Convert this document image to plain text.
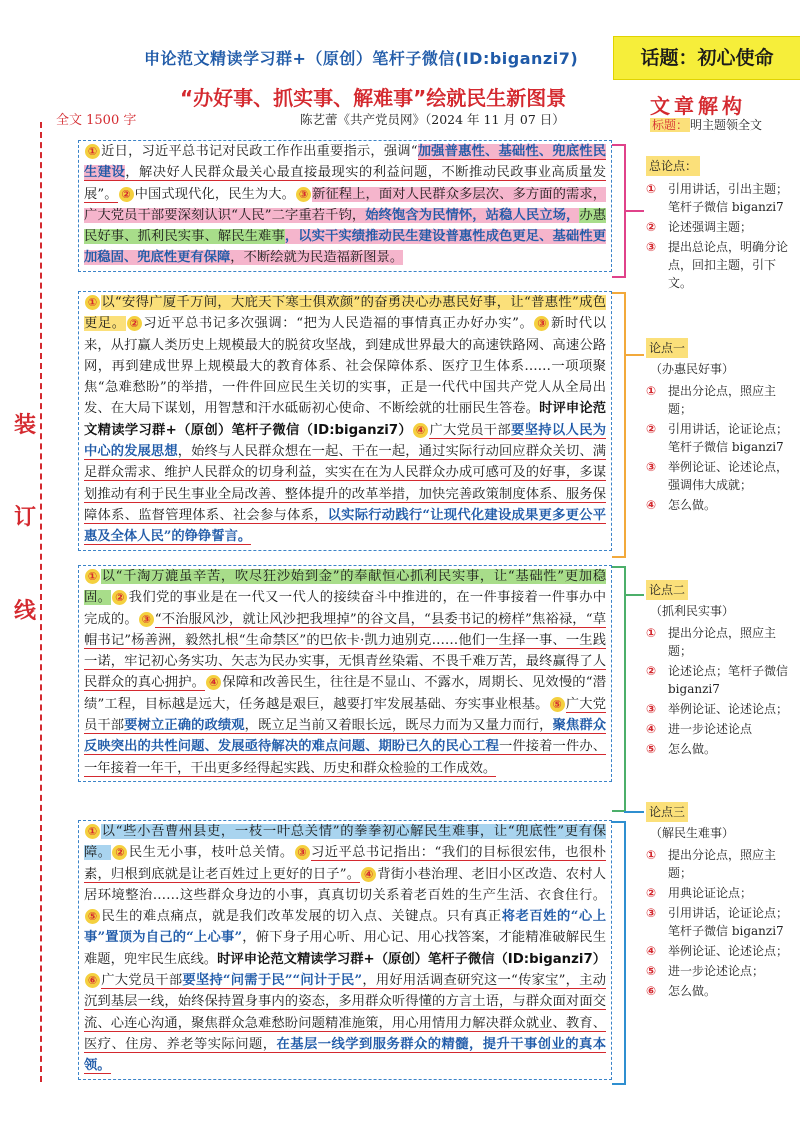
申论范文精读学习群+（原创）笔杆子微信(ID:biganzi7)	话题：初心使命
“办好事、抓实事、解难事”绘就民生新图景
全文 1500 字	陈艺蕾《共产党员网》（2024 年 11 月 07 日）
装
订
线
① 近日，习近平总书记对民政工作作出重要指示，强调“加强普惠性、基础性、兜底性民生建设，解决好人民群众最关心最直接最现实的利益问题，不断推动民政事业高质量发展”。 ② 中国式现代化，民生为大。 ③ 新征程上，面对人民群众多层次、多方面的需求，广大党员干部要深刻认识“人民”二字重若千钧，始终饱含为民情怀，站稳人民立场，办惠民好事、抓利民实事、解民生难事，以实干实绩推动民生建设普惠性成色更足、基础性更加稳固、兜底性更有保障，不断绘就为民造福新图景。
① 以“安得广厦千万间，大庇天下寒士俱欢颜”的奋勇决心办惠民好事，让“普惠性”成色更足。 ② 习近平总书记多次强调：“把为人民造福的事情真正办好办实”。 ③ 新时代以来，从打赢人类历史上规模最大的脱贫攻坚战，到建成世界最大的高速铁路网、高速公路网，再到建成世界上规模最大的教育体系、社会保障体系、医疗卫生体系……一项项聚焦“急难愁盼”的举措，一件件回应民生关切的实事，正是一代代中国共产党人从全局出发、在大局下谋划，用智慧和汗水砥砺初心使命、不断绘就的壮丽民生答卷。时评申论范文精读学习群+（原创）笔杆子微信（ID:biganzi7） ④ 广大党员干部要坚持以人民为中心的发展思想，始终与人民群众想在一起、干在一起，通过实际行动回应群众关切、满足群众需求、维护人民群众的切身利益，实实在在为人民群众办成可感可及的好事，多谋划推动有利于民生事业全局改善、整体提升的改革举措，加快完善政策制度体系、服务保障体系、监督管理体系、社会参与体系，以实际行动践行“让现代化建设成果更多更公平惠及全体人民”的铮铮誓言。
① 以“千淘万漉虽辛苦，吹尽狂沙始到金”的奉献恒心抓利民实事，让“基础性”更加稳固。 ② 我们党的事业是在一代又一代人的接续奋斗中推进的，在一件事接着一件事办中完成的。 ③ “不治服风沙，就让风沙把我埋掉”的谷文昌，“县委书记的榜样”焦裕禄，“草帽书记”杨善洲，毅然扎根“生命禁区”的巴依卡·凯力迪别克……他们一生择一事、一生践一诺，牢记初心务实功、矢志为民办实事，无惧青丝染霜、不畏千难万苦，最终赢得了人民群众的真心拥护。 ④ 保障和改善民生，往往是不显山、不露水，周期长、见效慢的“潜绩”工程，目标越是远大，任务越是艰巨，越要打牢发展基础、夯实事业根基。 ⑤ 广大党员干部要树立正确的政绩观，既立足当前又着眼长远，既尽力而为又量力而行，聚焦群众反映突出的共性问题、发展亟待解决的难点问题、期盼已久的民心工程一件接着一件办、一年接着一年干，干出更多经得起实践、历史和群众检验的工作成效。
① 以“些小吾曹州县吏，一枝一叶总关情”的拳拳初心解民生难事，让“兜底性”更有保障。 ② 民生无小事，枝叶总关情。 ③ 习近平总书记指出：“我们的目标很宏伟，也很朴素，归根到底就是让老百姓过上更好的日子”。 ④ 背街小巷治理、老旧小区改造、农村人居环境整治……这些群众身边的小事，真真切切关系着老百姓的生产生活、衣食住行。⑤ 民生的难点痛点，就是我们改革发展的切入点、关键点。只有真正将老百姓的“心上事”置顶为自己的“上心事”，俯下身子用心听、用心记、用心找答案，才能精准破解民生难题，兜牢民生底线。时评申论范文精读学习群+（原创）笔杆子微信（ID:biganzi7）⑥ 广大党员干部要坚持“问需于民”“问计于民”，用好用活调查研究这一“传家宝”，主动沉到基层一线，始终保持置身事内的姿态，多用群众听得懂的方言土语，与群众面对面交流、心连心沟通，聚焦群众急难愁盼问题精准施策，用心用情用力解决群众就业、教育、医疗、住房、养老等实际问题，在基层一线学到服务群众的精髓，提升干事创业的真本领。
文章解构
标题： 明主题领全文
总论点：
① 引用讲话，引出主题；笔杆子微信 biganzi7
② 论述强调主题；
③ 提出总论点，明确分论点，回扣主题，引下文。
论点一
（办惠民好事）
① 提出分论点，照应主题；
② 引用讲话，论证论点；笔杆子微信 biganzi7
③ 举例论证、论述论点，强调伟大成就；
④ 怎么做。
论点二
（抓利民实事）
① 提出分论点，照应主题；
② 论述论点；笔杆子微信 biganzi7
③ 举例论证、论述论点；
④ 进一步论述论点
⑤ 怎么做。
论点三
（解民生难事）
① 提出分论点，照应主题；
② 用典论证论点；
③ 引用讲话，论证论点；笔杆子微信 biganzi7
④ 举例论证、论述论点；
⑤ 进一步论述论点；
⑥ 怎么做。
